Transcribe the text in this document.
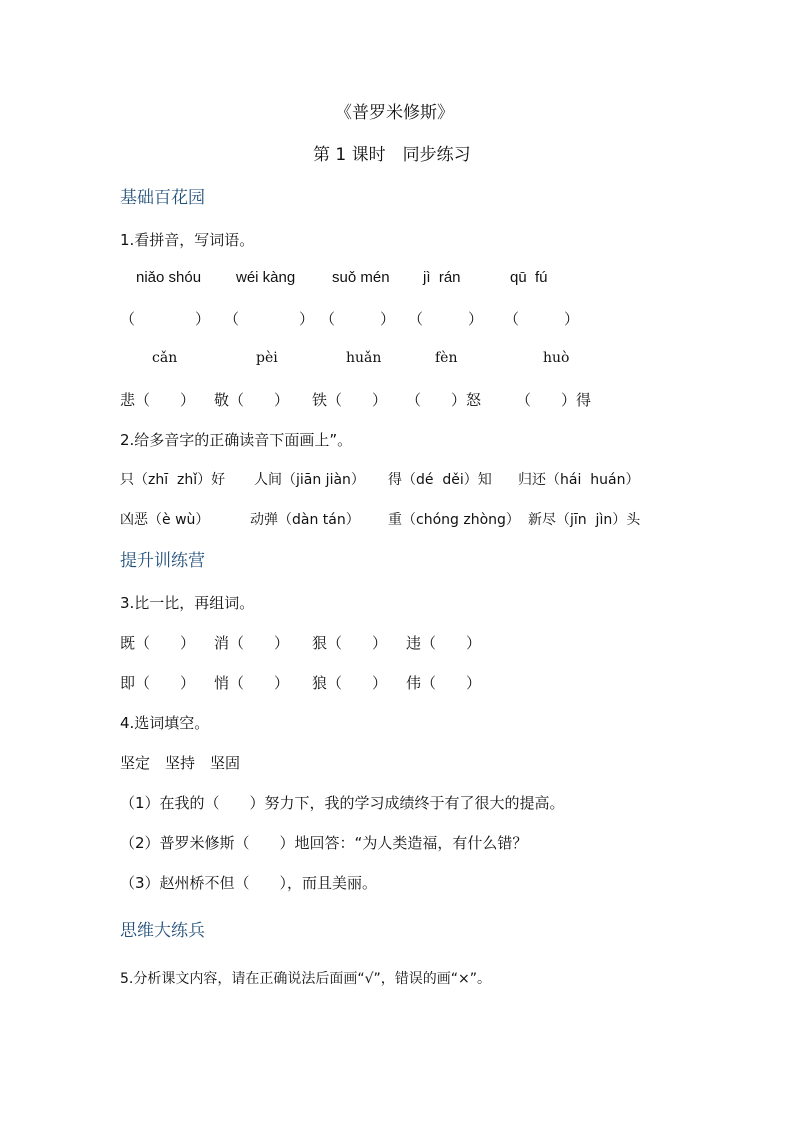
《普罗米修斯》
第 1 课时　同步练习
基础百花园
1.看拼音，写词语。
niǎo shóu wéi kàng suǒ mén jì  rán	qū  fú
（　　　　） （　　　　） （　　　） （　　　） （　　　）
cǎn	pèi	huǎn	fèn	huò
悲（　　） 敬（　　） 铁（　　） （　　）怒 （　　）得
2.给多音字的正确读音下面画上”。
只（zhī  zhǐ）好 人间（jiān jiàn） 得（dé  děi）知 归还（hái  huán）
凶恶（è wù）	动弹（dàn tán） 重（chóng zhòng） 新尽（jīn  jìn）头
提升训练营
3.比一比，再组词。
既（　　） 消（　　） 狠（　　） 违（　　）
即（　　） 悄（　　） 狼（　　） 伟（　　）
4.选词填空。
坚定　坚持　坚固
（1）在我的（　　）努力下，我的学习成绩终于有了很大的提高。
（2）普罗米修斯（　　）地回答：“为人类造福，有什么错？
（3）赵州桥不但（　　），而且美丽。
思维大练兵
5.分析课文内容，请在正确说法后面画“√”，错误的画“×”。
